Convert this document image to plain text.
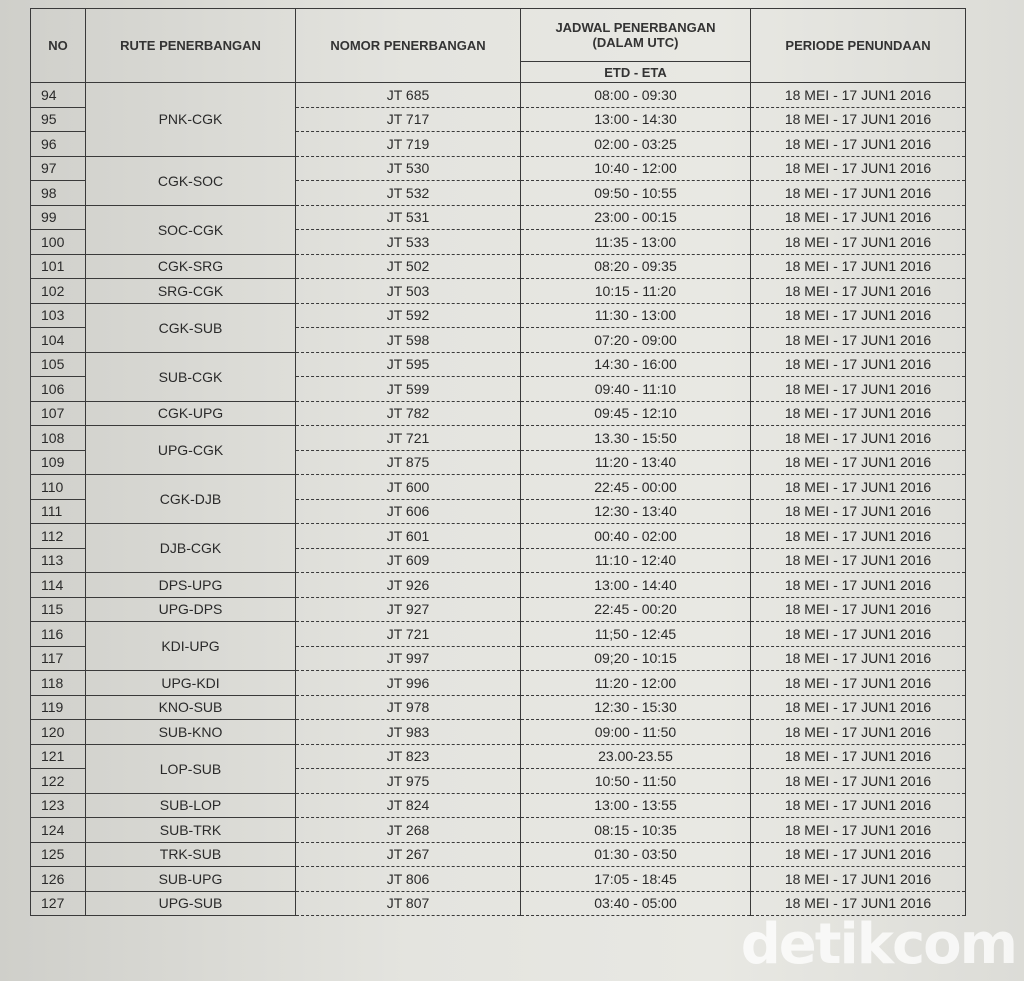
NO	RUTE PENERBANGAN	NOMOR PENERBANGAN	JADWAL PENERBANGAN (DALAM UTC)	PERIODE PENUNDAAN
			ETD - ETA	
94	PNK-CGK	JT 685	08:00 - 09:30	18 MEI - 17 JUN1 2016
95		JT 717	13:00 - 14:30	18 MEI - 17 JUN1 2016
96		JT 719	02:00 - 03:25	18 MEI - 17 JUN1 2016
97	CGK-SOC	JT 530	10:40 - 12:00	18 MEI - 17 JUN1 2016
98		JT 532	09:50 - 10:55	18 MEI - 17 JUN1 2016
99	SOC-CGK	JT 531	23:00 - 00:15	18 MEI - 17 JUN1 2016
100		JT 533	11:35 - 13:00	18 MEI - 17 JUN1 2016
101	CGK-SRG	JT 502	08:20 - 09:35	18 MEI - 17 JUN1 2016
102	SRG-CGK	JT 503	10:15 - 11:20	18 MEI - 17 JUN1 2016
103	CGK-SUB	JT 592	11:30 - 13:00	18 MEI - 17 JUN1 2016
104		JT 598	07:20 - 09:00	18 MEI - 17 JUN1 2016
105	SUB-CGK	JT 595	14:30 - 16:00	18 MEI - 17 JUN1 2016
106		JT 599	09:40 - 11:10	18 MEI - 17 JUN1 2016
107	CGK-UPG	JT 782	09:45 - 12:10	18 MEI - 17 JUN1 2016
108	UPG-CGK	JT 721	13.30 - 15:50	18 MEI - 17 JUN1 2016
109		JT 875	11:20 - 13:40	18 MEI - 17 JUN1 2016
110	CGK-DJB	JT 600	22:45 - 00:00	18 MEI - 17 JUN1 2016
111		JT 606	12:30 - 13:40	18 MEI - 17 JUN1 2016
112	DJB-CGK	JT 601	00:40 - 02:00	18 MEI - 17 JUN1 2016
113		JT 609	11:10 - 12:40	18 MEI - 17 JUN1 2016
114	DPS-UPG	JT 926	13:00 - 14:40	18 MEI - 17 JUN1 2016
115	UPG-DPS	JT 927	22:45 - 00:20	18 MEI - 17 JUN1 2016
116	KDI-UPG	JT 721	11;50 - 12:45	18 MEI - 17 JUN1 2016
117		JT 997	09;20 - 10:15	18 MEI - 17 JUN1 2016
118	UPG-KDI	JT 996	11:20 - 12:00	18 MEI - 17 JUN1 2016
119	KNO-SUB	JT 978	12:30 - 15:30	18 MEI - 17 JUN1 2016
120	SUB-KNO	JT 983	09:00 - 11:50	18 MEI - 17 JUN1 2016
121	LOP-SUB	JT 823	23.00-23.55	18 MEI - 17 JUN1 2016
122		JT 975	10:50 - 11:50	18 MEI - 17 JUN1 2016
123	SUB-LOP	JT 824	13:00 - 13:55	18 MEI - 17 JUN1 2016
124	SUB-TRK	JT 268	08:15 - 10:35	18 MEI - 17 JUN1 2016
125	TRK-SUB	JT 267	01:30 - 03:50	18 MEI - 17 JUN1 2016
126	SUB-UPG	JT 806	17:05 - 18:45	18 MEI - 17 JUN1 2016
127	UPG-SUB	JT 807	03:40 - 05:00	18 MEI - 17 JUN1 2016
detikcom
